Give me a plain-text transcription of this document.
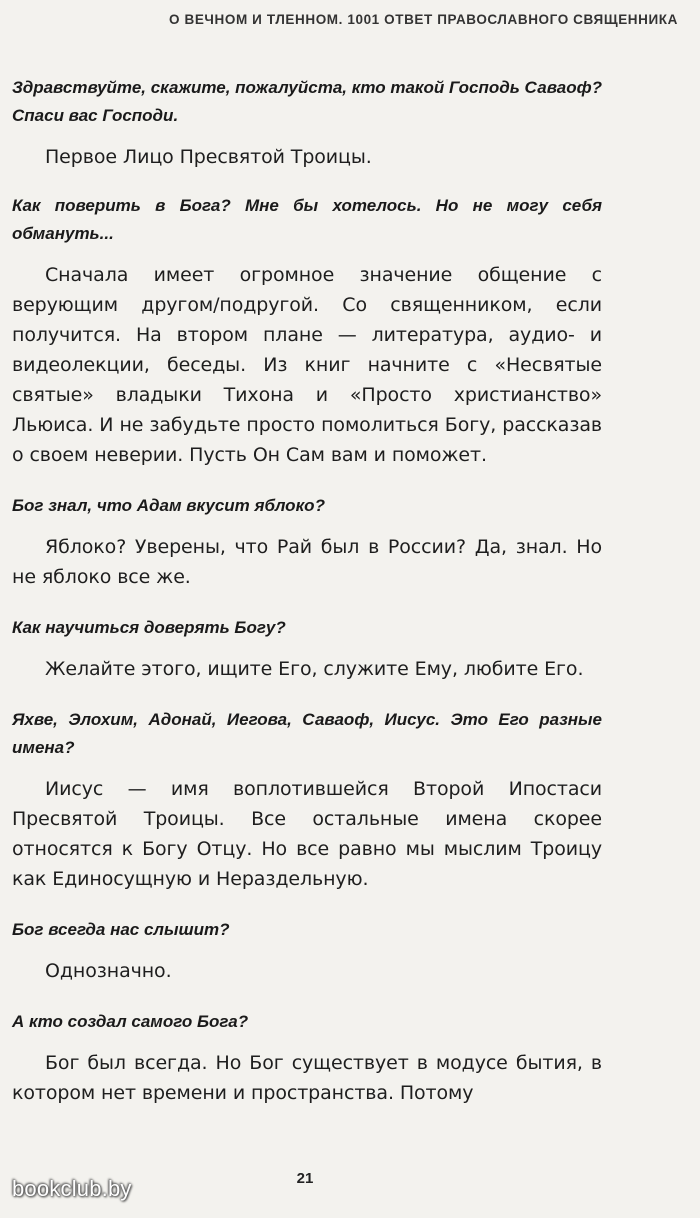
О ВЕЧНОМ И ТЛЕННОМ. 1001 ОТВЕТ ПРАВОСЛАВНОГО СВЯЩЕННИКА

Здравствуйте, скажите, пожалуйста, кто такой Господь Саваоф? Спаси вас Господи.

Первое Лицо Пресвятой Троицы.

Как поверить в Бога? Мне бы хотелось. Но не могу себя обмануть...

Сначала имеет огромное значение общение с верующим другом/подругой. Со священником, если получится. На втором плане — литература, аудио- и видеолекции, беседы. Из книг начните с «Несвятые святые» владыки Тихона и «Просто христианство» Льюиса. И не забудьте просто помолиться Богу, рассказав о своем неверии. Пусть Он Сам вам и поможет.

Бог знал, что Адам вкусит яблоко?

Яблоко? Уверены, что Рай был в России? Да, знал. Но не яблоко все же.

Как научиться доверять Богу?

Желайте этого, ищите Его, служите Ему, любите Его.

Яхве, Элохим, Адонай, Иегова, Саваоф, Иисус. Это Его разные имена?

Иисус — имя воплотившейся Второй Ипостаси Пресвятой Троицы. Все остальные имена скорее относятся к Богу Отцу. Но все равно мы мыслим Троицу как Единосущную и Нераздельную.

Бог всегда нас слышит?

Однозначно.

А кто создал самого Бога?

Бог был всегда. Но Бог существует в модусе бытия, в котором нет времени и пространства. Потому

21
bookclub.by
